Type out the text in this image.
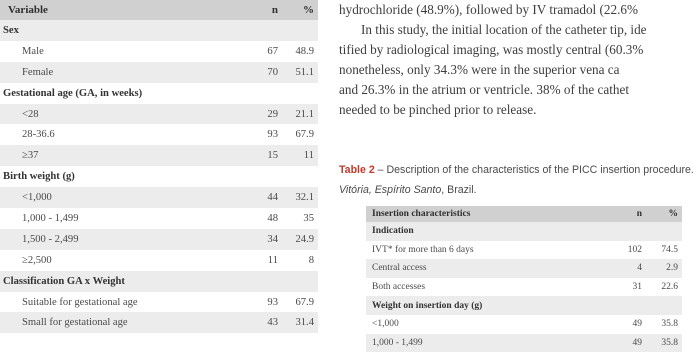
Variable	n	%
Sex
Male	67	48.9
Female	70	51.1
Gestational age (GA, in weeks)
<28	29	21.1
28-36.6	93	67.9
≥37	15	11
Birth weight (g)
<1,000	44	32.1
1,000 - 1,499	48	35
1,500 - 2,499	34	24.9
≥2,500	11	8
Classification GA x Weight
Suitable for gestational age	93	67.9
Small for gestational age	43	31.4
hydrochloride (48.9%), followed by IV tramadol (22.6%
In this study, the initial location of the catheter tip, ide
tified by radiological imaging, was mostly central (60.3%
nonetheless, only 34.3% were in the superior vena ca
and 26.3% in the atrium or ventricle. 38% of the cathet
needed to be pinched prior to release.
Table 2 – Description of the characteristics of the PICC insertion procedure. Vitória, Espírito Santo, Brazil.
Insertion characteristics	n	%
Indication
IVT* for more than 6 days	102	74.5
Central access	4	2.9
Both accesses	31	22.6
Weight on insertion day (g)
<1,000	49	35.8
1,000 - 1,499	49	35.8
